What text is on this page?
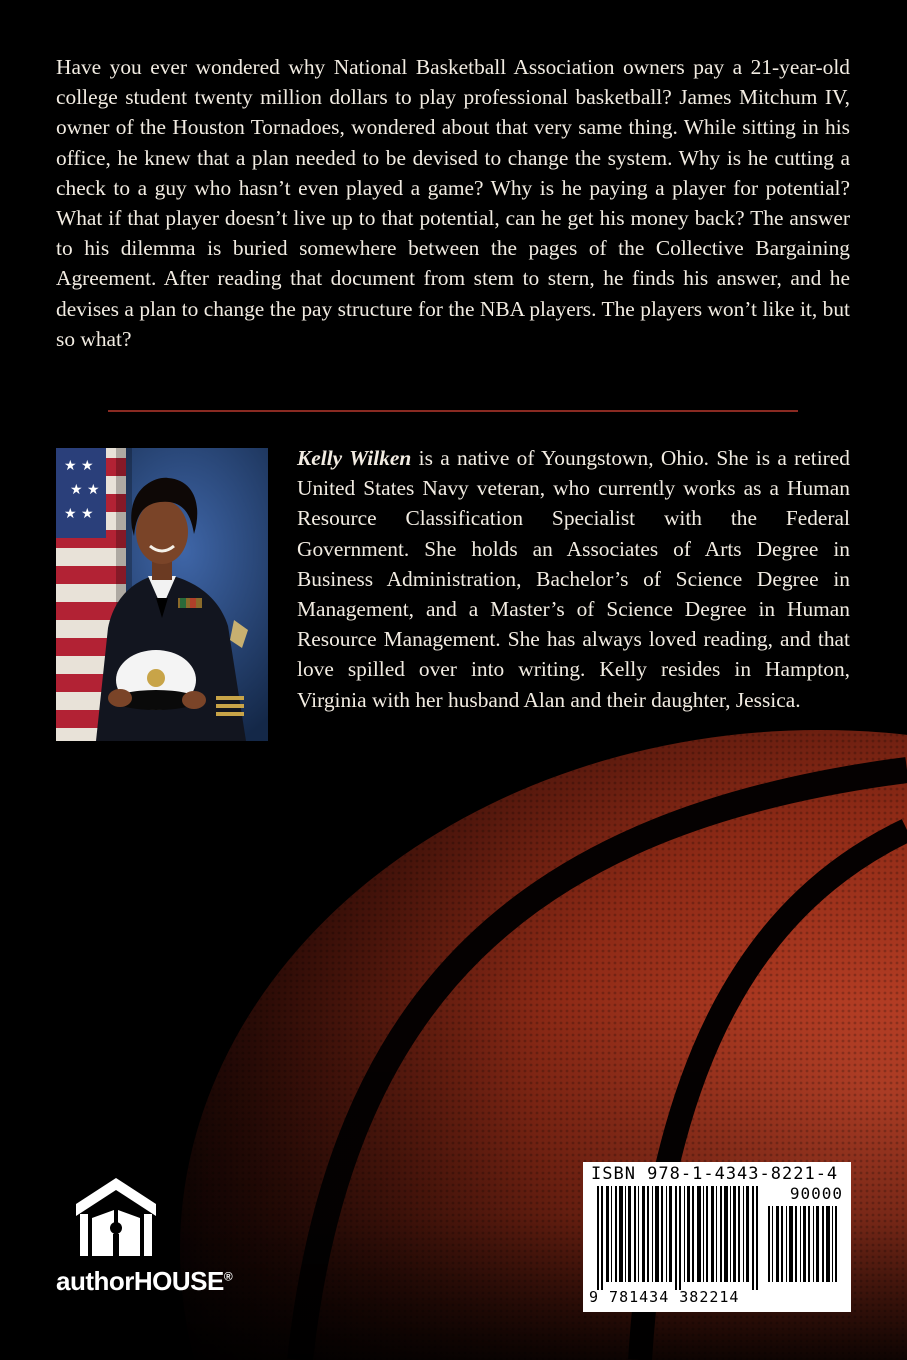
Have you ever wondered why National Basketball Association owners pay a 21-year-old college student twenty million dollars to play professional basketball? James Mitchum IV, owner of the Houston Tornadoes, wondered about that very same thing. While sitting in his office, he knew that a plan needed to be devised to change the system. Why is he cutting a check to a guy who hasn’t even played a game? Why is he paying a player for potential? What if that player doesn’t live up to that potential, can he get his money back? The answer to his dilemma is buried somewhere between the pages of the Collective Bargaining Agreement. After reading that document from stem to stern, he finds his answer, and he devises a plan to change the pay structure for the NBA players. The players won’t like it, but so what?

★ ★
★ ★
★ ★

Kelly Wilken is a native of Youngstown, Ohio. She is a retired United States Navy veteran, who currently works as a Human Resource Classification Specialist with the Federal Government. She holds an Associates of Arts Degree in Business Administration, Bachelor’s of Science Degree in Management, and a Master’s of Science Degree in Human Resource Management. She has always loved reading, and that love spilled over into writing. Kelly resides in Hampton, Virginia with her husband Alan and their daughter, Jessica.

authorHOUSE®
ISBN 978-1-4343-8221-4
90000
9 781434 382214
